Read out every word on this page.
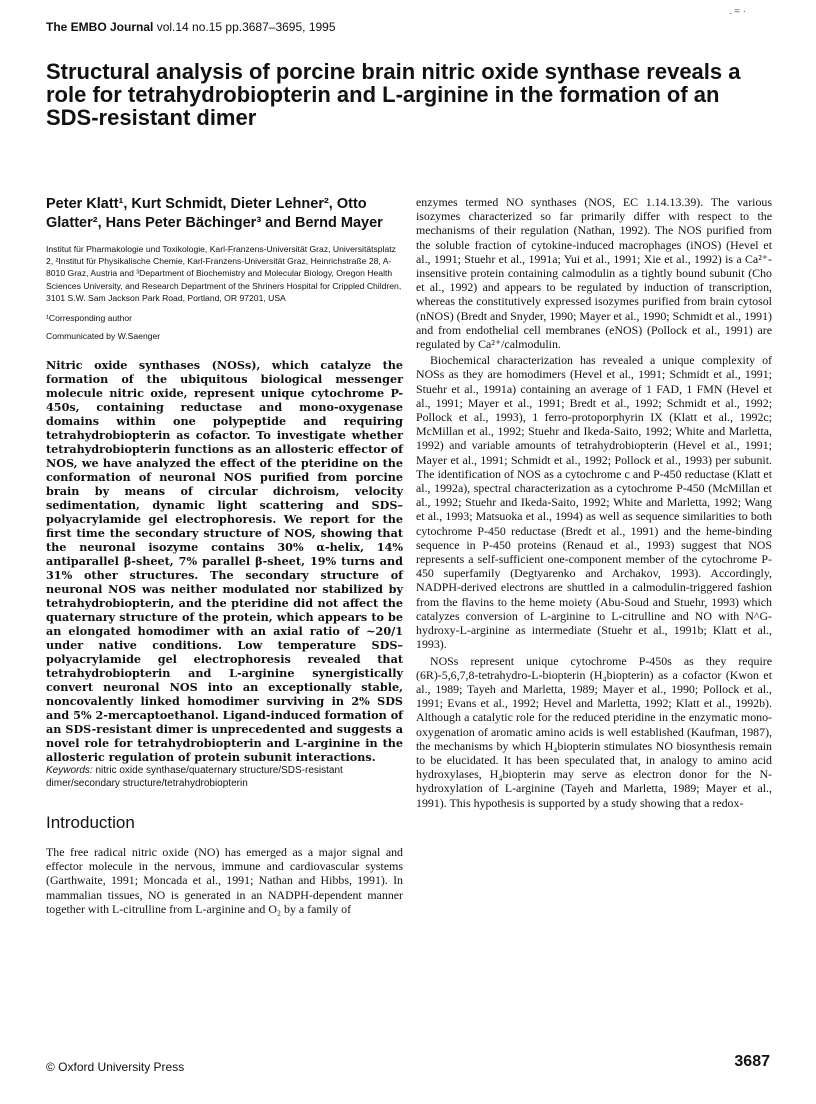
. ≈ ·
The EMBO Journal vol.14 no.15 pp.3687–3695, 1995
Structural analysis of porcine brain nitric oxide synthase reveals a role for tetrahydrobiopterin and L-arginine in the formation of an SDS-resistant dimer

Peter Klatt¹, Kurt Schmidt, Dieter Lehner², Otto Glatter², Hans Peter Bächinger³ and Bernd Mayer

Institut für Pharmakologie und Toxikologie, Karl-Franzens-Universität Graz, Universitätsplatz 2, ²Institut für Physikalische Chemie, Karl-Franzens-Universität Graz, Heinrichstraße 28, A-8010 Graz, Austria and ³Department of Biochemistry and Molecular Biology, Oregon Health Sciences University, and Research Department of the Shriners Hospital for Crippled Children, 3101 S.W. Sam Jackson Park Road, Portland, OR 97201, USA

¹Corresponding author

Communicated by W.Saenger

Nitric oxide synthases (NOSs), which catalyze the formation of the ubiquitous biological messenger molecule nitric oxide, represent unique cytochrome P-450s, containing reductase and mono-oxygenase domains within one polypeptide and requiring tetrahydrobiopterin as cofactor. To investigate whether tetrahydrobiopterin functions as an allosteric effector of NOS, we have analyzed the effect of the pteridine on the conformation of neuronal NOS purified from porcine brain by means of circular dichroism, velocity sedimentation, dynamic light scattering and SDS–polyacrylamide gel electrophoresis. We report for the first time the secondary structure of NOS, showing that the neuronal isozyme contains 30% α-helix, 14% antiparallel β-sheet, 7% parallel β-sheet, 19% turns and 31% other structures. The secondary structure of neuronal NOS was neither modulated nor stabilized by tetrahydrobiopterin, and the pteridine did not affect the quaternary structure of the protein, which appears to be an elongated homodimer with an axial ratio of ~20/1 under native conditions. Low temperature SDS–polyacrylamide gel electrophoresis revealed that tetrahydrobiopterin and L-arginine synergistically convert neuronal NOS into an exceptionally stable, noncovalently linked homodimer surviving in 2% SDS and 5% 2-mercaptoethanol. Ligand-induced formation of an SDS-resistant dimer is unprecedented and suggests a novel role for tetrahydrobiopterin and L-arginine in the allosteric regulation of protein subunit interactions.

Keywords: nitric oxide synthase/quaternary structure/SDS-resistant dimer/secondary structure/tetrahydrobiopterin

Introduction

The free radical nitric oxide (NO) has emerged as a major signal and effector molecule in the nervous, immune and cardiovascular systems (Garthwaite, 1991; Moncada et al., 1991; Nathan and Hibbs, 1991). In mammalian tissues, NO is generated in an NADPH-dependent manner together with L-citrulline from L-arginine and O₂ by a family of

enzymes termed NO synthases (NOS, EC 1.14.13.39). The various isozymes characterized so far primarily differ with respect to the mechanisms of their regulation (Nathan, 1992). The NOS purified from the soluble fraction of cytokine-induced macrophages (iNOS) (Hevel et al., 1991; Stuehr et al., 1991a; Yui et al., 1991; Xie et al., 1992) is a Ca²⁺-insensitive protein containing calmodulin as a tightly bound subunit (Cho et al., 1992) and appears to be regulated by induction of transcription, whereas the constitutively expressed isozymes purified from brain cytosol (nNOS) (Bredt and Snyder, 1990; Mayer et al., 1990; Schmidt et al., 1991) and from endothelial cell membranes (eNOS) (Pollock et al., 1991) are regulated by Ca²⁺/calmodulin.

Biochemical characterization has revealed a unique complexity of NOSs as they are homodimers (Hevel et al., 1991; Schmidt et al., 1991; Stuehr et al., 1991a) containing an average of 1 FAD, 1 FMN (Hevel et al., 1991; Mayer et al., 1991; Bredt et al., 1992; Schmidt et al., 1992; Pollock et al., 1993), 1 ferro-protoporphyrin IX (Klatt et al., 1992c; McMillan et al., 1992; Stuehr and Ikeda-Saito, 1992; White and Marletta, 1992) and variable amounts of tetrahydrobiopterin (Hevel et al., 1991; Mayer et al., 1991; Schmidt et al., 1992; Pollock et al., 1993) per subunit. The identification of NOS as a cytochrome c and P-450 reductase (Klatt et al., 1992a), spectral characterization as a cytochrome P-450 (McMillan et al., 1992; Stuehr and Ikeda-Saito, 1992; White and Marletta, 1992; Wang et al., 1993; Matsuoka et al., 1994) as well as sequence similarities to both cytochrome P-450 reductase (Bredt et al., 1991) and the heme-binding sequence in P-450 proteins (Renaud et al., 1993) suggest that NOS represents a self-sufficient one-component member of the cytochrome P-450 superfamily (Degtyarenko and Archakov, 1993). Accordingly, NADPH-derived electrons are shuttled in a calmodulin-triggered fashion from the flavins to the heme moiety (Abu-Soud and Stuehr, 1993) which catalyzes conversion of L-arginine to L-citrulline and NO with N^G-hydroxy-L-arginine as intermediate (Stuehr et al., 1991b; Klatt et al., 1993).

NOSs represent unique cytochrome P-450s as they require (6R)-5,6,7,8-tetrahydro-L-biopterin (H₄biopterin) as a cofactor (Kwon et al., 1989; Tayeh and Marletta, 1989; Mayer et al., 1990; Pollock et al., 1991; Evans et al., 1992; Hevel and Marletta, 1992; Klatt et al., 1992b). Although a catalytic role for the reduced pteridine in the enzymatic mono-oxygenation of aromatic amino acids is well established (Kaufman, 1987), the mechanisms by which H₄biopterin stimulates NO biosynthesis remain to be elucidated. It has been speculated that, in analogy to amino acid hydroxylases, H₄biopterin may serve as electron donor for the N-hydroxylation of L-arginine (Tayeh and Marletta, 1989; Mayer et al., 1991). This hypothesis is supported by a study showing that a redox-

© Oxford University Press	3687
